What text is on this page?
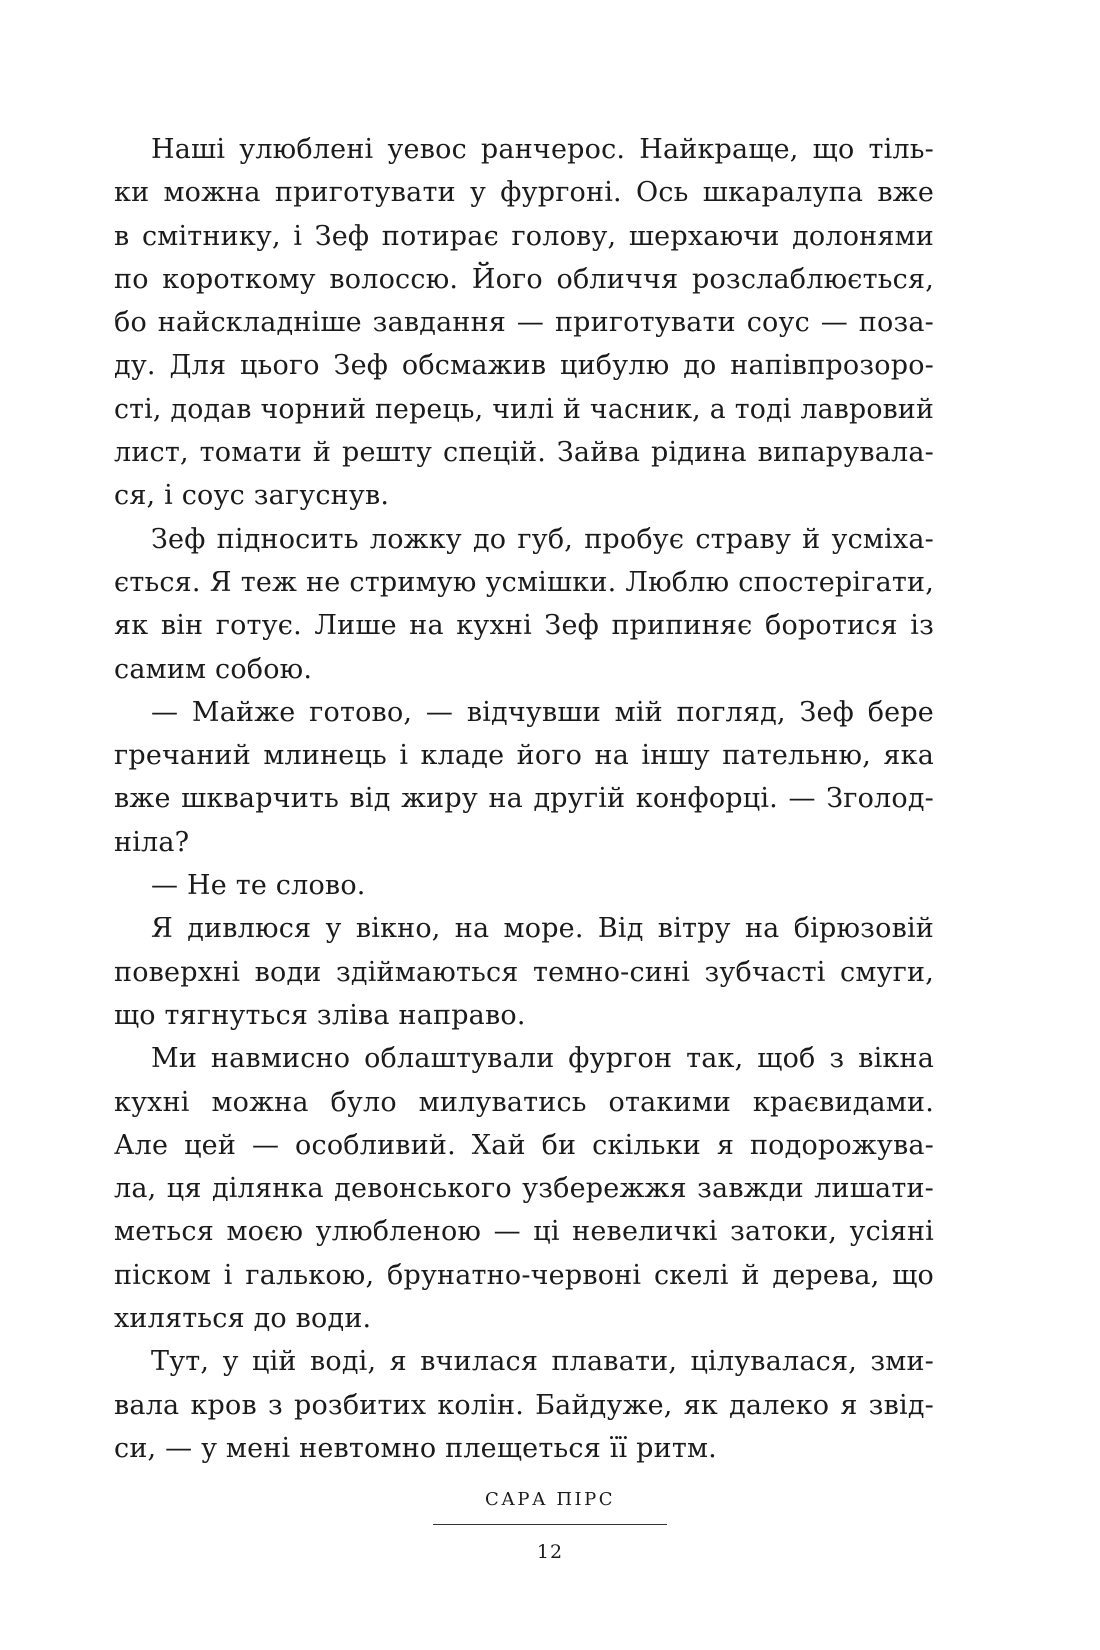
Наші улюблені уевос ранчерос. Найкраще, що тіль-
ки можна приготувати у фургоні. Ось шкаралупа вже
в смітнику, і Зеф потирає голову, шерхаючи долонями
по короткому волоссю. Його обличчя розслаблюється,
бо найскладніше завдання — приготувати соус — поза-
ду. Для цього Зеф обсмажив цибулю до напівпрозоро-
сті, додав чорний перець, чилі й часник, а тоді лавровий
лист, томати й решту спецій. Зайва рідина випарувала-
ся, і соус загуснув.
Зеф підносить ложку до губ, пробує страву й усміха-
ється. Я теж не стримую усмішки. Люблю спостерігати,
як він готує. Лише на кухні Зеф припиняє боротися із
самим собою.
— Майже готово, — відчувши мій погляд, Зеф бере
гречаний млинець і кладе його на іншу пательню, яка
вже шкварчить від жиру на другій конфорці. — Зголод-
ніла?
— Не те слово.
Я дивлюся у вікно, на море. Від вітру на бірюзовій
поверхні води здіймаються темно-сині зубчасті смуги,
що тягнуться зліва направо.
Ми навмисно облаштували фургон так, щоб з вікна
кухні можна було милуватись отакими краєвидами.
Але цей — особливий. Хай би скільки я подорожува-
ла, ця ділянка девонського узбережжя завжди лишати-
меться моєю улюбленою — ці невеличкі затоки, усіяні
піском і галькою, брунатно-червоні скелі й дерева, що
хиляться до води.
Тут, у цій воді, я вчилася плавати, цілувалася, зми-
вала кров з розбитих колін. Байдуже, як далеко я звід-
си, — у мені невтомно плещеться її ритм.
САРА ПІРС
12
